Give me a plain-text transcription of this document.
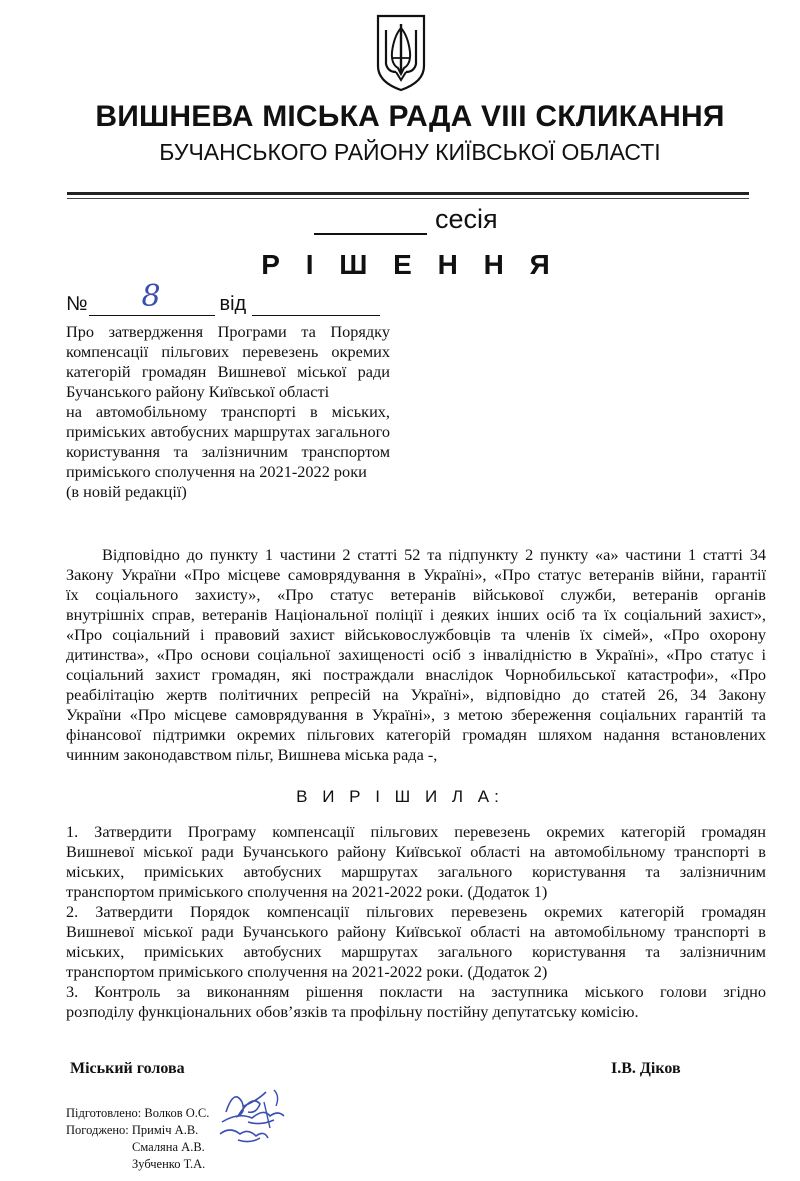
ВИШНЕВА МІСЬКА РАДА VIII СКЛИКАННЯ
БУЧАНСЬКОГО РАЙОНУ КИЇВСЬКОЇ ОБЛАСТІ
сесія
Р І Ш Е Н Н Я
№ 8	від
Про затвердження Програми та Порядку
компенсації пільгових перевезень окремих
категорій громадян Вишневої міської ради
Бучанського району Київської області
на автомобільному транспорті в міських,
приміських автобусних маршрутах загального
користування та залізничним транспортом
приміського сполучення на 2021-2022 роки
(в новій редакції)
Відповідно до пункту 1 частини 2 статті 52 та підпункту 2 пункту «а» частини 1 статті 34
Закону України «Про місцеве самоврядування в Україні», «Про статус ветеранів війни, гарантії
їх соціального захисту», «Про статус ветеранів військової служби, ветеранів органів
внутрішніх справ, ветеранів Національної поліції і деяких інших осіб та їх соціальний захист»,
«Про соціальний і правовий захист військовослужбовців та членів їх сімей», «Про охорону
дитинства», «Про основи соціальної захищеності осіб з інвалідністю в Україні», «Про статус і
соціальний захист громадян, які постраждали внаслідок Чорнобильської катастрофи», «Про
реабілітацію жертв політичних репресій на Україні», відповідно до статей 26, 34 Закону
України «Про місцеве самоврядування в Україні», з метою збереження соціальних гарантій та
фінансової підтримки окремих пільгових категорій громадян шляхом надання встановлених
чинним законодавством пільг, Вишнева міська рада -,
В И Р І Ш И Л А:
1. Затвердити Програму компенсації пільгових перевезень окремих категорій громадян
Вишневої міської ради Бучанського району Київської області на автомобільному транспорті в
міських, приміських автобусних маршрутах загального користування та залізничним
транспортом приміського сполучення на 2021-2022 роки. (Додаток 1)
2. Затвердити Порядок компенсації пільгових перевезень окремих категорій громадян
Вишневої міської ради Бучанського району Київської області на автомобільному транспорті в
міських, приміських автобусних маршрутах загального користування та залізничним
транспортом приміського сполучення на 2021-2022 роки. (Додаток 2)
3. Контроль за виконанням рішення покласти на заступника міського голови згідно
розподілу функціональних обов’язків та профільну постійну депутатську комісію.
Міський голова	І.В. Діков
Підготовлено: Волков О.С.
Погоджено: Приміч А.В.
Смаляна А.В.
Зубченко Т.А.
